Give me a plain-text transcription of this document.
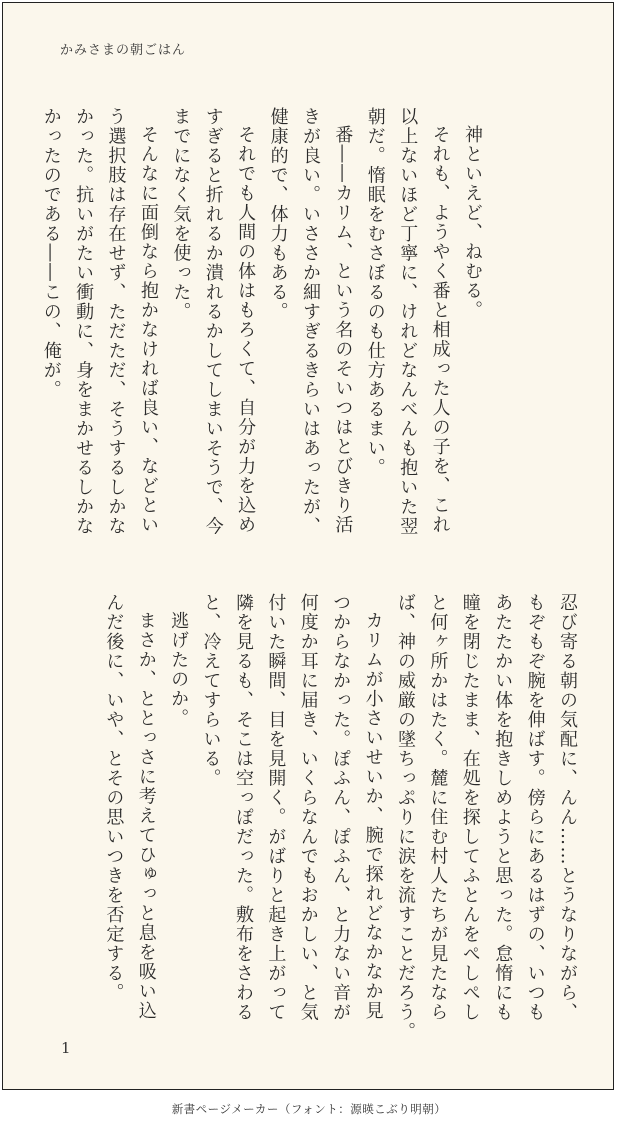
かみさまの朝ごはん
神といえど、ねむる。
それも、ようやく番と相成った人の子を、これ
以上ないほど丁寧に、けれどなんべんも抱いた翌
朝だ。惰眠をむさぼるのも仕方あるまい。
番――カリム、という名のそいつはとびきり活
きが良い。いささか細すぎるきらいはあったが、
健康的で、体力もある。
それでも人間の体はもろくて、自分が力を込め
すぎると折れるか潰れるかしてしまいそうで、今
までになく気を使った。
そんなに面倒なら抱かなければ良い、などとい
う選択肢は存在せず、ただただ、そうするしかな
かった。抗いがたい衝動に、身をまかせるしかな
かったのである――この、俺が。
忍び寄る朝の気配に、んん……とうなりながら、
もぞもぞ腕を伸ばす。傍らにあるはずの、いつも
あたたかい体を抱きしめようと思った。怠惰にも
瞳を閉じたまま、在処を探してふとんをぺしぺし
と何ヶ所かはたく。麓に住む村人たちが見たなら
ば、神の威厳の墜ちっぷりに涙を流すことだろう。
カリムが小さいせいか、腕で探れどなかなか見
つからなかった。ぽふん、ぽふん、と力ない音が
何度か耳に届き、いくらなんでもおかしい、と気
付いた瞬間、目を見開く。がばりと起き上がって
隣を見るも、そこは空っぽだった。敷布をさわる
と、冷えてすらいる。
逃げたのか。
まさか、ととっさに考えてひゅっと息を吸い込
んだ後に、いや、とその思いつきを否定する。
1
新書ページメーカー（フォント：源暎こぶり明朝）
